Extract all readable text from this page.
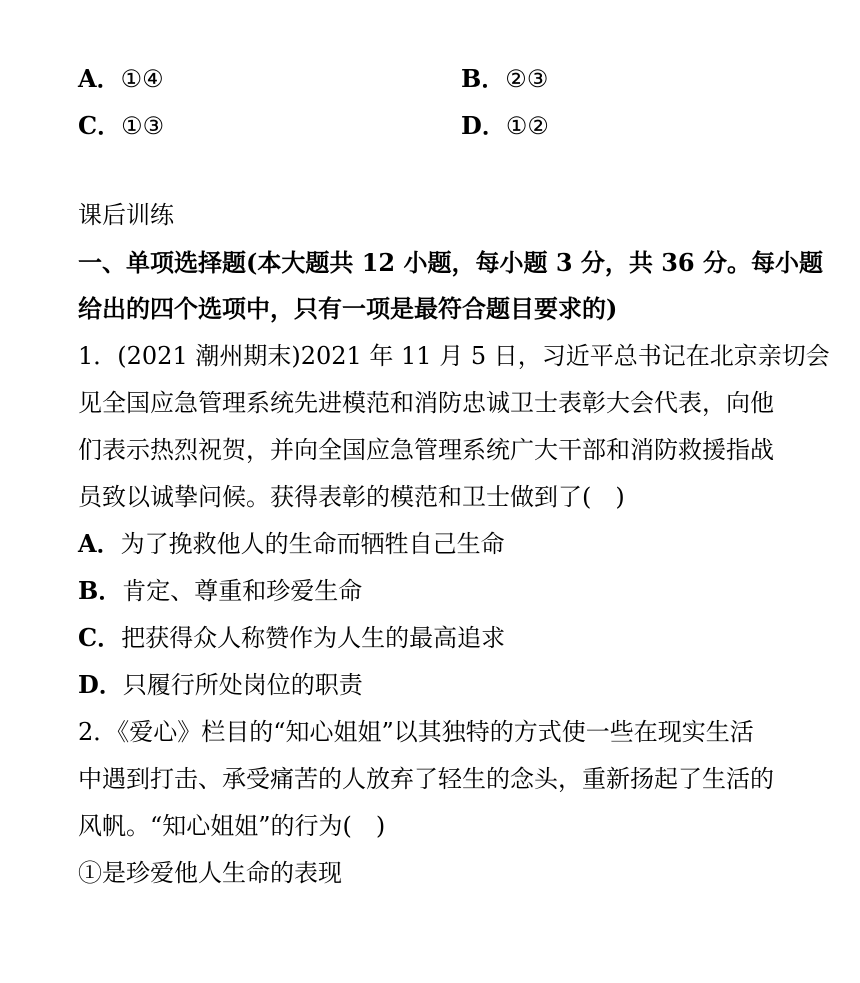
A．①④	B．②③
C．①③	D．①②
课后训练
一、单项选择题(本大题共 12 小题，每小题 3 分，共 36 分。每小题
给出的四个选项中，只有一项是最符合题目要求的)
1．(2021 潮州期末)2021 年 11 月 5 日，习近平总书记在北京亲切会
见全国应急管理系统先进模范和消防忠诚卫士表彰大会代表，向他
们表示热烈祝贺，并向全国应急管理系统广大干部和消防救援指战
员致以诚挚问候。获得表彰的模范和卫士做到了(　)
A．为了挽救他人的生命而牺牲自己生命
B．肯定、尊重和珍爱生命
C．把获得众人称赞作为人生的最高追求
D．只履行所处岗位的职责
2．《爱心》栏目的“知心姐姐”以其独特的方式使一些在现实生活
中遇到打击、承受痛苦的人放弃了轻生的念头，重新扬起了生活的
风帆。“知心姐姐”的行为(　)
①是珍爱他人生命的表现
